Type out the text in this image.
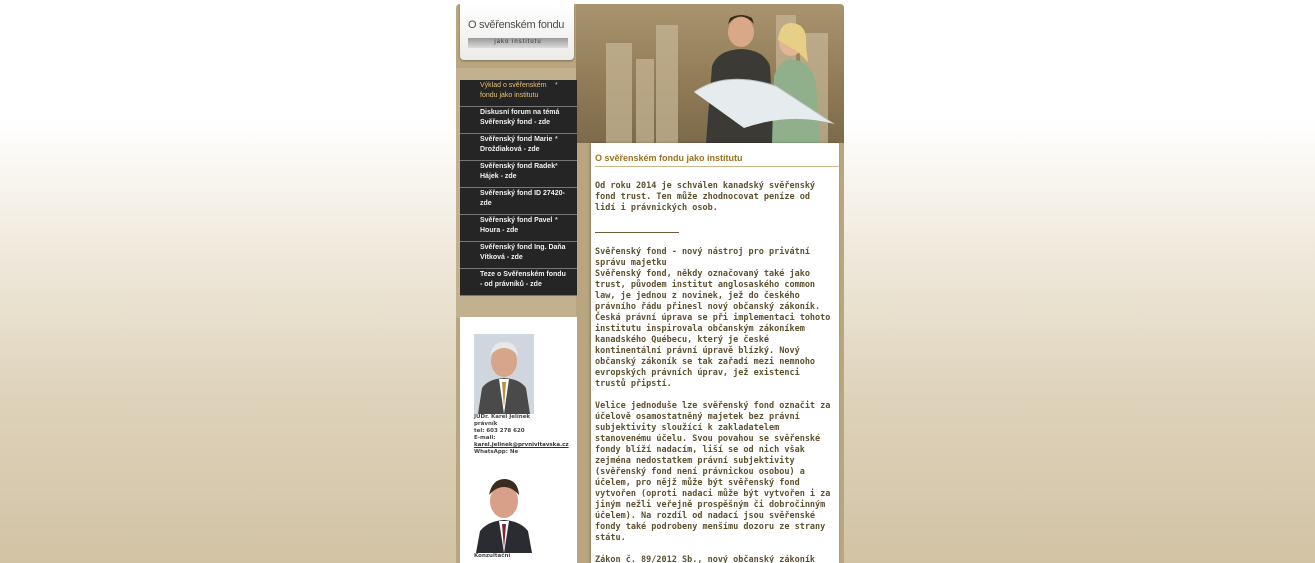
O svěřenském fondu
jako institutu
Výklad o svěřenském
fondu jako institutu
*
Diskusní forum na témá
Svěřenský fond - zde
Svěřenský fond Marie
Droždiaková - zde
*
Svěřenský fond Radek
Hájek - zde
*
Svěřenský fond ID 27420-
zde
Svěřenský fond Pavel
Houra - zde
*
Svěřenský fond Ing. Daňa
Vítková - zde
Teze o Svěřenském fondu
- od právníků - zde
JUDr. Karel Jelínek
právník
tel: 603 278 620
E-mail:
karel.jelinek@prvnivltavska.cz
WhatsApp: Ne
Konzultační
O svěřenském fondu jako institutu
Od roku 2014 je schválen kanadský svěřenský fond trust. Ten může zhodnocovat peníze od lidí i právnických osob.
Svěřenský fond - nový nástroj pro privátní správu majetku
Svěřenský fond, někdy označovaný také jako trust, původem institut anglosaského common law, je jednou z novinek, jež do českého právního řádu přinesl nový občanský zákoník. Česká právní úprava se při implementaci tohoto institutu inspirovala občanským zákoníkem kanadského Québecu, který je české kontinentální právní úpravě blízký. Nový občanský zákoník se tak zařadí mezi nemnoho evropských právních úprav, jež existenci trustů připstí.
Velice jednoduše lze svěřenský fond označit za účelově osamostatněný majetek bez právní subjektivity sloužící k zakladatelem stanovenému účelu. Svou povahou se svěřenské fondy blíží nadacím, liší se od nich však zejména nedostatkem právní subjektivity (svěřenský fond není právnickou osobou) a účelem, pro nějž může být svěřenský fond vytvořen (oproti nadaci může být vytvořen i za jiným nežli veřejně prospěšným či dobročinným účelem). Na rozdíl od nadací jsou svěřenské fondy také podrobeny menšímu dozoru ze strany státu.
Zákon č. 89/2012 Sb., nový občanský zákoník
